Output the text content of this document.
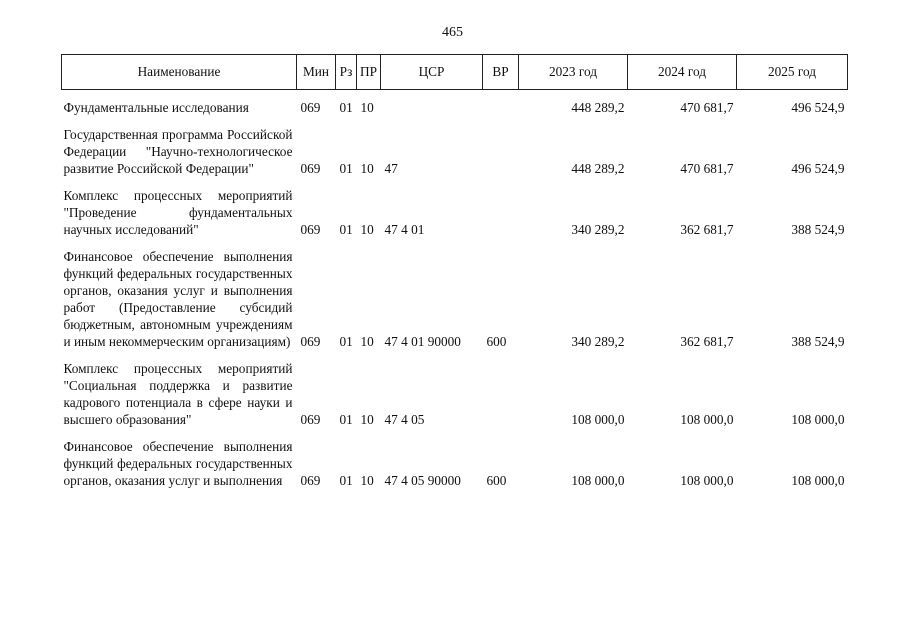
465
Наименование	Мин	Рз	ПР	ЦСР	ВР	2023 год	2024 год	2025 год

Фундаментальные исследования	069	01	10			448 289,2	470 681,7	496 524,9

Государственная программа Российской Федерации "Научно-технологическое развитие Российской Федерации"	069	01	10	47		448 289,2	470 681,7	496 524,9

Комплекс процессных мероприятий "Проведение фундаментальных научных исследований"	069	01	10	47 4 01		340 289,2	362 681,7	388 524,9

Финансовое обеспечение выполнения функций федеральных государственных органов, оказания услуг и выполнения работ (Предоставление субсидий бюджетным, автономным учреждениям и иным некоммерческим организациям)	069	01	10	47 4 01 90000	600	340 289,2	362 681,7	388 524,9

Комплекс процессных мероприятий "Социальная поддержка и развитие кадрового потенциала в сфере науки и высшего образования"	069	01	10	47 4 05		108 000,0	108 000,0	108 000,0

Финансовое обеспечение выполнения функций федеральных государственных органов, оказания услуг и выполнения	069	01	10	47 4 05 90000	600	108 000,0	108 000,0	108 000,0
